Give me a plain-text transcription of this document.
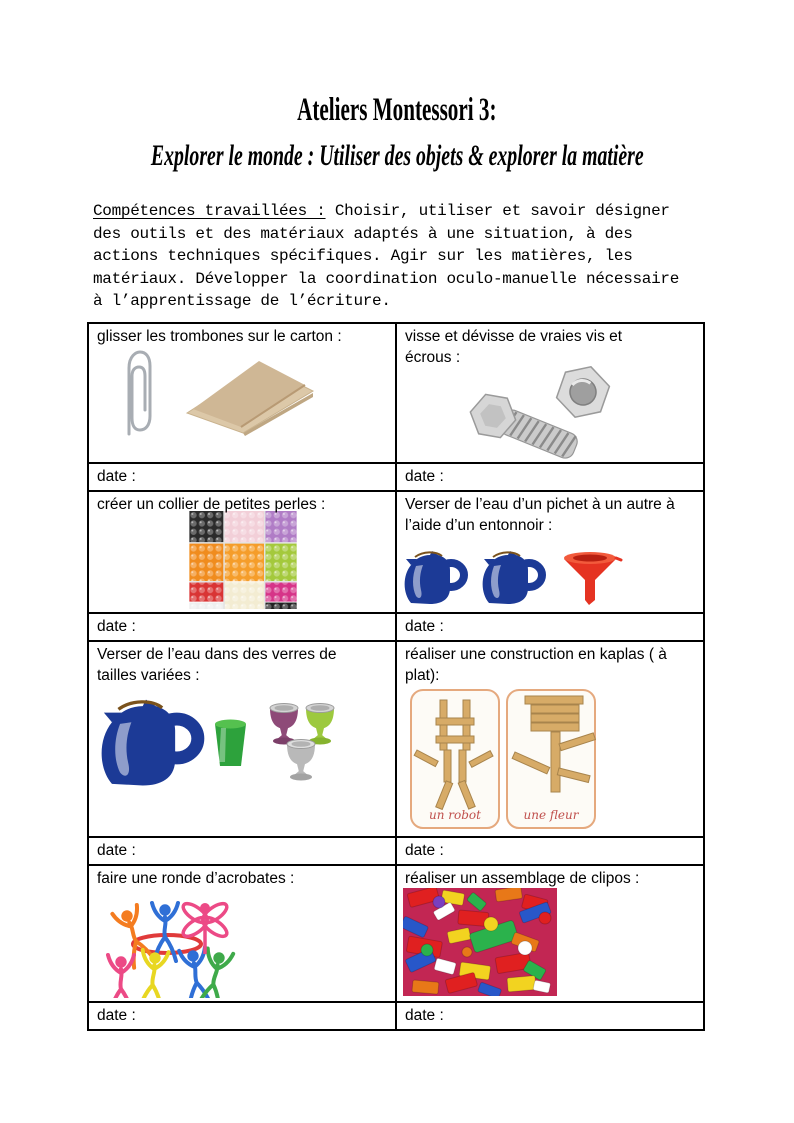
Ateliers Montessori 3:
Explorer le monde : Utiliser des objets & explorer la matière

Compétences travaillées : Choisir, utiliser et savoir désigner des outils et des matériaux adaptés à une situation, à des actions techniques spécifiques. Agir sur les matières, les matériaux. Développer la coordination oculo-manuelle nécessaire à l’apprentissage de l’écriture.

glisser les trombones sur le carton :	visse et dévisse de vraies vis et écrous :

date :	date :

créer un collier de petites perles :	Verser de l’eau d’un pichet à un autre à l’aide d’un entonnoir :

date :	date :

Verser de l’eau dans des verres de tailles variées :	réaliser une construction en kaplas ( à plat):
un robot une fleur

date :	date :

faire une ronde d’acrobates :	réaliser un assemblage de clipos :

date :	date :
